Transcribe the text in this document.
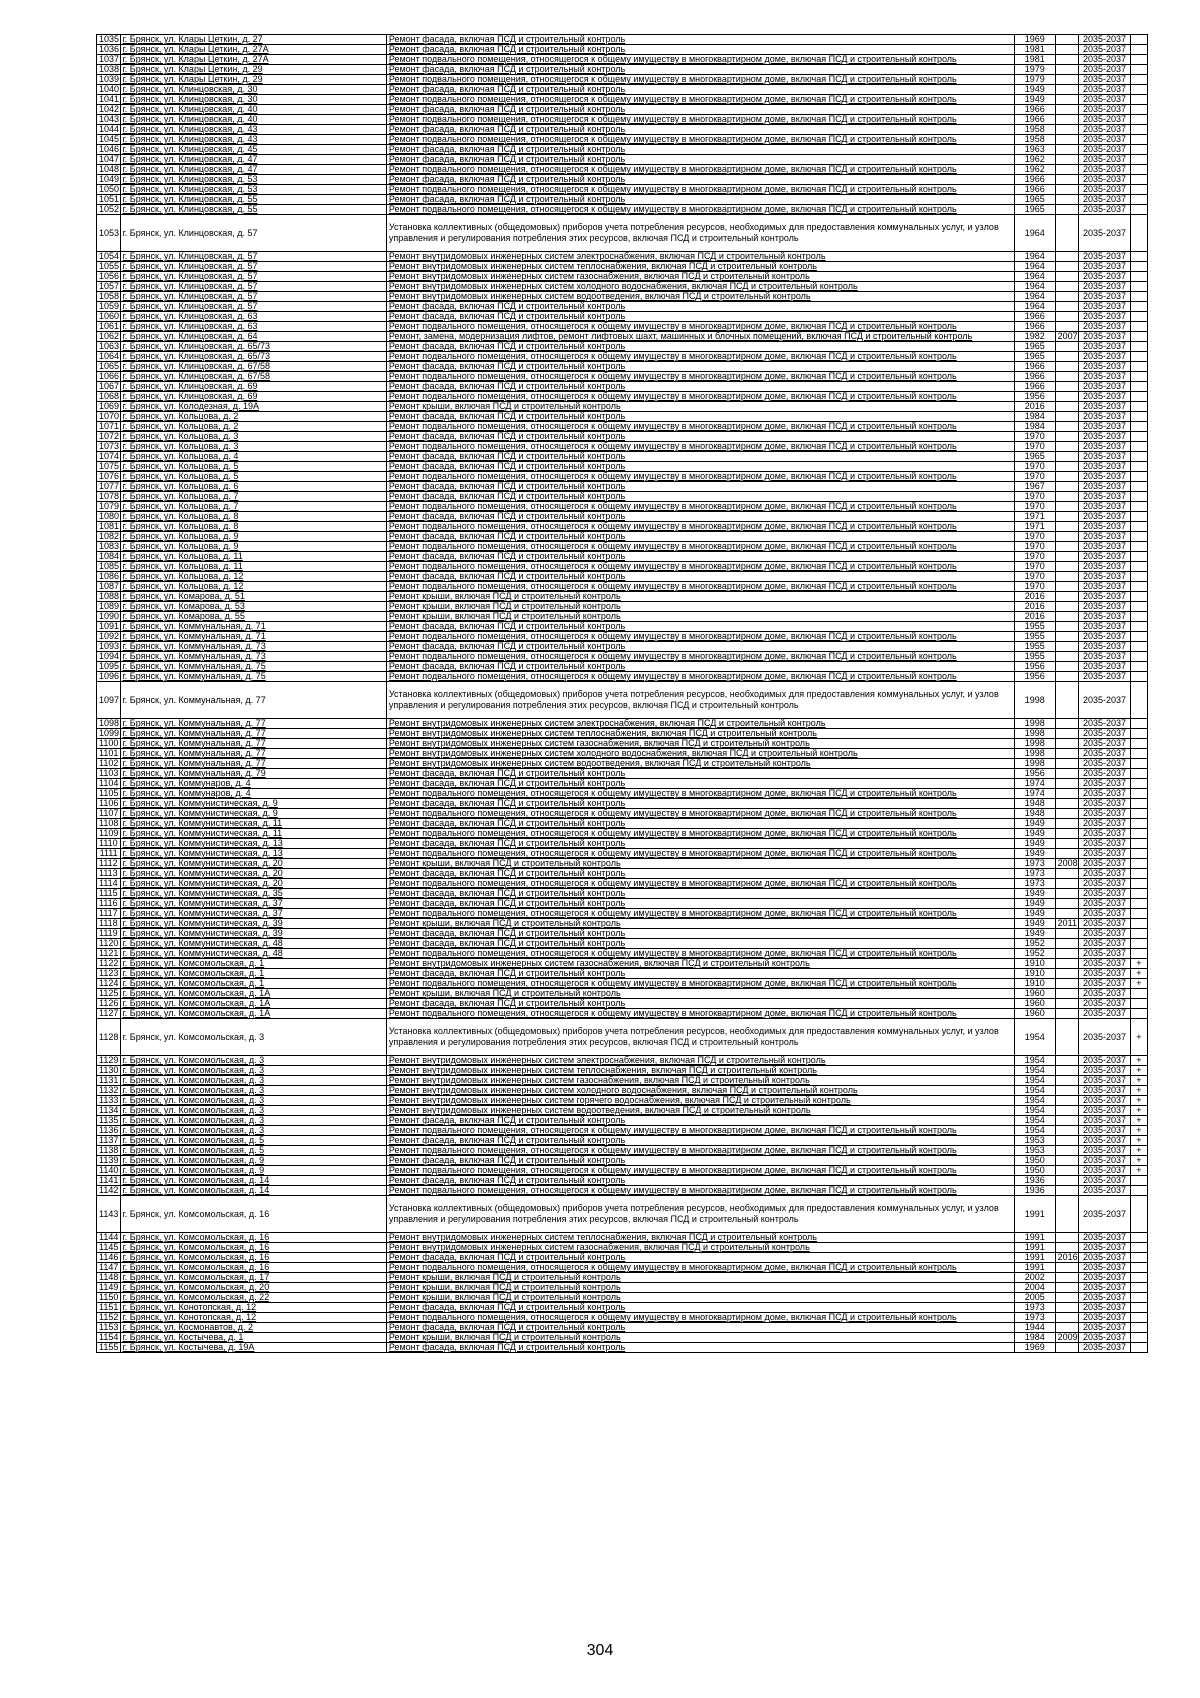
1035	г. Брянск, ул. Клары Цеткин, д. 27	Ремонт фасада, включая ПСД и строительный контроль	1969		2035-2037	
1036	г. Брянск, ул. Клары Цеткин, д. 27А	Ремонт фасада, включая ПСД и строительный контроль	1981		2035-2037	
1037	г. Брянск, ул. Клары Цеткин, д. 27А	Ремонт подвального помещения, относящегося к общему имуществу в многоквартирном доме, включая ПСД и строительный контроль	1981		2035-2037	
1038	г. Брянск, ул. Клары Цеткин, д. 29	Ремонт фасада, включая ПСД и строительный контроль	1979		2035-2037	
1039	г. Брянск, ул. Клары Цеткин, д. 29	Ремонт подвального помещения, относящегося к общему имуществу в многоквартирном доме, включая ПСД и строительный контроль	1979		2035-2037	
1040	г. Брянск, ул. Клинцовская, д. 30	Ремонт фасада, включая ПСД и строительный контроль	1949		2035-2037	
1041	г. Брянск, ул. Клинцовская, д. 30	Ремонт подвального помещения, относящегося к общему имуществу в многоквартирном доме, включая ПСД и строительный контроль	1949		2035-2037	
1042	г. Брянск, ул. Клинцовская, д. 40	Ремонт фасада, включая ПСД и строительный контроль	1966		2035-2037	
1043	г. Брянск, ул. Клинцовская, д. 40	Ремонт подвального помещения, относящегося к общему имуществу в многоквартирном доме, включая ПСД и строительный контроль	1966		2035-2037	
1044	г. Брянск, ул. Клинцовская, д. 43	Ремонт фасада, включая ПСД и строительный контроль	1958		2035-2037	
1045	г. Брянск, ул. Клинцовская, д. 43	Ремонт подвального помещения, относящегося к общему имуществу в многоквартирном доме, включая ПСД и строительный контроль	1958		2035-2037	
1046	г. Брянск, ул. Клинцовская, д. 45	Ремонт фасада, включая ПСД и строительный контроль	1963		2035-2037	
1047	г. Брянск, ул. Клинцовская, д. 47	Ремонт фасада, включая ПСД и строительный контроль	1962		2035-2037	
1048	г. Брянск, ул. Клинцовская, д. 47	Ремонт подвального помещения, относящегося к общему имуществу в многоквартирном доме, включая ПСД и строительный контроль	1962		2035-2037	
1049	г. Брянск, ул. Клинцовская, д. 53	Ремонт фасада, включая ПСД и строительный контроль	1966		2035-2037	
1050	г. Брянск, ул. Клинцовская, д. 53	Ремонт подвального помещения, относящегося к общему имуществу в многоквартирном доме, включая ПСД и строительный контроль	1966		2035-2037	
1051	г. Брянск, ул. Клинцовская, д. 55	Ремонт фасада, включая ПСД и строительный контроль	1965		2035-2037	
1052	г. Брянск, ул. Клинцовская, д. 55	Ремонт подвального помещения, относящегося к общему имуществу в многоквартирном доме, включая ПСД и строительный контроль	1965		2035-2037	
1053	г. Брянск, ул. Клинцовская, д. 57	Установка коллективных (общедомовых) приборов учета потребления ресурсов, необходимых для предоставления коммунальных услуг, и узлов управления и регулирования потребления этих ресурсов, включая ПСД и строительный контроль	1964		2035-2037	
1054	г. Брянск, ул. Клинцовская, д. 57	Ремонт внутридомовых инженерных систем электроснабжения, включая ПСД и строительный контроль	1964		2035-2037	
1055	г. Брянск, ул. Клинцовская, д. 57	Ремонт внутридомовых инженерных систем теплоснабжения, включая ПСД и строительный контроль	1964		2035-2037	
1056	г. Брянск, ул. Клинцовская, д. 57	Ремонт внутридомовых инженерных систем газоснабжения, включая ПСД и строительный контроль	1964		2035-2037	
1057	г. Брянск, ул. Клинцовская, д. 57	Ремонт внутридомовых инженерных систем холодного водоснабжения, включая ПСД и строительный контроль	1964		2035-2037	
1058	г. Брянск, ул. Клинцовская, д. 57	Ремонт внутридомовых инженерных систем водоотведения, включая ПСД и строительный контроль	1964		2035-2037	
1059	г. Брянск, ул. Клинцовская, д. 57	Ремонт фасада, включая ПСД и строительный контроль	1964		2035-2037	
1060	г. Брянск, ул. Клинцовская, д. 63	Ремонт фасада, включая ПСД и строительный контроль	1966		2035-2037	
1061	г. Брянск, ул. Клинцовская, д. 63	Ремонт подвального помещения, относящегося к общему имуществу в многоквартирном доме, включая ПСД и строительный контроль	1966		2035-2037	
1062	г. Брянск, ул. Клинцовская, д. 64	Ремонт, замена, модернизация лифтов, ремонт лифтовых шахт, машинных и блочных помещений, включая ПСД и строительный контроль	1982	2007	2035-2037	
1063	г. Брянск, ул. Клинцовская, д. 65/73	Ремонт фасада, включая ПСД и строительный контроль	1965		2035-2037	
1064	г. Брянск, ул. Клинцовская, д. 65/73	Ремонт подвального помещения, относящегося к общему имуществу в многоквартирном доме, включая ПСД и строительный контроль	1965		2035-2037	
1065	г. Брянск, ул. Клинцовская, д. 67/58	Ремонт фасада, включая ПСД и строительный контроль	1966		2035-2037	
1066	г. Брянск, ул. Клинцовская, д. 67/58	Ремонт подвального помещения, относящегося к общему имуществу в многоквартирном доме, включая ПСД и строительный контроль	1966		2035-2037	
1067	г. Брянск, ул. Клинцовская, д. 69	Ремонт фасада, включая ПСД и строительный контроль	1966		2035-2037	
1068	г. Брянск, ул. Клинцовская, д. 69	Ремонт подвального помещения, относящегося к общему имуществу в многоквартирном доме, включая ПСД и строительный контроль	1956		2035-2037	
1069	г. Брянск, ул. Колодезная, д. 19А	Ремонт крыши, включая ПСД и строительный контроль	2016		2035-2037	
1070	г. Брянск, ул. Кольцова, д. 2	Ремонт фасада, включая ПСД и строительный контроль	1984		2035-2037	
1071	г. Брянск, ул. Кольцова, д. 2	Ремонт подвального помещения, относящегося к общему имуществу в многоквартирном доме, включая ПСД и строительный контроль	1984		2035-2037	
1072	г. Брянск, ул. Кольцова, д. 3	Ремонт фасада, включая ПСД и строительный контроль	1970		2035-2037	
1073	г. Брянск, ул. Кольцова, д. 3	Ремонт подвального помещения, относящегося к общему имуществу в многоквартирном доме, включая ПСД и строительный контроль	1970		2035-2037	
1074	г. Брянск, ул. Кольцова, д. 4	Ремонт фасада, включая ПСД и строительный контроль	1965		2035-2037	
1075	г. Брянск, ул. Кольцова, д. 5	Ремонт фасада, включая ПСД и строительный контроль	1970		2035-2037	
1076	г. Брянск, ул. Кольцова, д. 5	Ремонт подвального помещения, относящегося к общему имуществу в многоквартирном доме, включая ПСД и строительный контроль	1970		2035-2037	
1077	г. Брянск, ул. Кольцова, д. 6	Ремонт фасада, включая ПСД и строительный контроль	1967		2035-2037	
1078	г. Брянск, ул. Кольцова, д. 7	Ремонт фасада, включая ПСД и строительный контроль	1970		2035-2037	
1079	г. Брянск, ул. Кольцова, д. 7	Ремонт подвального помещения, относящегося к общему имуществу в многоквартирном доме, включая ПСД и строительный контроль	1970		2035-2037	
1080	г. Брянск, ул. Кольцова, д. 8	Ремонт фасада, включая ПСД и строительный контроль	1971		2035-2037	
1081	г. Брянск, ул. Кольцова, д. 8	Ремонт подвального помещения, относящегося к общему имуществу в многоквартирном доме, включая ПСД и строительный контроль	1971		2035-2037	
1082	г. Брянск, ул. Кольцова, д. 9	Ремонт фасада, включая ПСД и строительный контроль	1970		2035-2037	
1083	г. Брянск, ул. Кольцова, д. 9	Ремонт подвального помещения, относящегося к общему имуществу в многоквартирном доме, включая ПСД и строительный контроль	1970		2035-2037	
1084	г. Брянск, ул. Кольцова, д. 11	Ремонт фасада, включая ПСД и строительный контроль	1970		2035-2037	
1085	г. Брянск, ул. Кольцова, д. 11	Ремонт подвального помещения, относящегося к общему имуществу в многоквартирном доме, включая ПСД и строительный контроль	1970		2035-2037	
1086	г. Брянск, ул. Кольцова, д. 12	Ремонт фасада, включая ПСД и строительный контроль	1970		2035-2037	
1087	г. Брянск, ул. Кольцова, д. 12	Ремонт подвального помещения, относящегося к общему имуществу в многоквартирном доме, включая ПСД и строительный контроль	1970		2035-2037	
1088	г. Брянск, ул. Комарова, д. 51	Ремонт крыши, включая ПСД и строительный контроль	2016		2035-2037	
1089	г. Брянск, ул. Комарова, д. 53	Ремонт крыши, включая ПСД и строительный контроль	2016		2035-2037	
1090	г. Брянск, ул. Комарова, д. 55	Ремонт крыши, включая ПСД и строительный контроль	2016		2035-2037	
1091	г. Брянск, ул. Коммунальная, д. 71	Ремонт фасада, включая ПСД и строительный контроль	1955		2035-2037	
1092	г. Брянск, ул. Коммунальная, д. 71	Ремонт подвального помещения, относящегося к общему имуществу в многоквартирном доме, включая ПСД и строительный контроль	1955		2035-2037	
1093	г. Брянск, ул. Коммунальная, д. 73	Ремонт фасада, включая ПСД и строительный контроль	1955		2035-2037	
1094	г. Брянск, ул. Коммунальная, д. 73	Ремонт подвального помещения, относящегося к общему имуществу в многоквартирном доме, включая ПСД и строительный контроль	1955		2035-2037	
1095	г. Брянск, ул. Коммунальная, д. 75	Ремонт фасада, включая ПСД и строительный контроль	1956		2035-2037	
1096	г. Брянск, ул. Коммунальная, д. 75	Ремонт подвального помещения, относящегося к общему имуществу в многоквартирном доме, включая ПСД и строительный контроль	1956		2035-2037	
1097	г. Брянск, ул. Коммунальная, д. 77	Установка коллективных (общедомовых) приборов учета потребления ресурсов, необходимых для предоставления коммунальных услуг, и узлов управления и регулирования потребления этих ресурсов, включая ПСД и строительный контроль	1998		2035-2037	
1098	г. Брянск, ул. Коммунальная, д. 77	Ремонт внутридомовых инженерных систем электроснабжения, включая ПСД и строительный контроль	1998		2035-2037	
1099	г. Брянск, ул. Коммунальная, д. 77	Ремонт внутридомовых инженерных систем теплоснабжения, включая ПСД и строительный контроль	1998		2035-2037	
1100	г. Брянск, ул. Коммунальная, д. 77	Ремонт внутридомовых инженерных систем газоснабжения, включая ПСД и строительный контроль	1998		2035-2037	
1101	г. Брянск, ул. Коммунальная, д. 77	Ремонт внутридомовых инженерных систем холодного водоснабжения, включая ПСД и строительный контроль	1998		2035-2037	
1102	г. Брянск, ул. Коммунальная, д. 77	Ремонт внутридомовых инженерных систем водоотведения, включая ПСД и строительный контроль	1998		2035-2037	
1103	г. Брянск, ул. Коммунальная, д. 79	Ремонт фасада, включая ПСД и строительный контроль	1956		2035-2037	
1104	г. Брянск, ул. Коммунаров, д. 4	Ремонт фасада, включая ПСД и строительный контроль	1974		2035-2037	
1105	г. Брянск, ул. Коммунаров, д. 4	Ремонт подвального помещения, относящегося к общему имуществу в многоквартирном доме, включая ПСД и строительный контроль	1974		2035-2037	
1106	г. Брянск, ул. Коммунистическая, д. 9	Ремонт фасада, включая ПСД и строительный контроль	1948		2035-2037	
1107	г. Брянск, ул. Коммунистическая, д. 9	Ремонт подвального помещения, относящегося к общему имуществу в многоквартирном доме, включая ПСД и строительный контроль	1948		2035-2037	
1108	г. Брянск, ул. Коммунистическая, д. 11	Ремонт фасада, включая ПСД и строительный контроль	1949		2035-2037	
1109	г. Брянск, ул. Коммунистическая, д. 11	Ремонт подвального помещения, относящегося к общему имуществу в многоквартирном доме, включая ПСД и строительный контроль	1949		2035-2037	
1110	г. Брянск, ул. Коммунистическая, д. 13	Ремонт фасада, включая ПСД и строительный контроль	1949		2035-2037	
1111	г. Брянск, ул. Коммунистическая, д. 13	Ремонт подвального помещения, относящегося к общему имуществу в многоквартирном доме, включая ПСД и строительный контроль	1949		2035-2037	
1112	г. Брянск, ул. Коммунистическая, д. 20	Ремонт крыши, включая ПСД и строительный контроль	1973	2008	2035-2037	
1113	г. Брянск, ул. Коммунистическая, д. 20	Ремонт фасада, включая ПСД и строительный контроль	1973		2035-2037	
1114	г. Брянск, ул. Коммунистическая, д. 20	Ремонт подвального помещения, относящегося к общему имуществу в многоквартирном доме, включая ПСД и строительный контроль	1973		2035-2037	
1115	г. Брянск, ул. Коммунистическая, д. 35	Ремонт фасада, включая ПСД и строительный контроль	1949		2035-2037	
1116	г. Брянск, ул. Коммунистическая, д. 37	Ремонт фасада, включая ПСД и строительный контроль	1949		2035-2037	
1117	г. Брянск, ул. Коммунистическая, д. 37	Ремонт подвального помещения, относящегося к общему имуществу в многоквартирном доме, включая ПСД и строительный контроль	1949		2035-2037	
1118	г. Брянск, ул. Коммунистическая, д. 39	Ремонт крыши, включая ПСД и строительный контроль	1949	2011	2035-2037	
1119	г. Брянск, ул. Коммунистическая, д. 39	Ремонт фасада, включая ПСД и строительный контроль	1949		2035-2037	
1120	г. Брянск, ул. Коммунистическая, д. 48	Ремонт фасада, включая ПСД и строительный контроль	1952		2035-2037	
1121	г. Брянск, ул. Коммунистическая, д. 48	Ремонт подвального помещения, относящегося к общему имуществу в многоквартирном доме, включая ПСД и строительный контроль	1952		2035-2037	
1122	г. Брянск, ул. Комсомольская, д. 1	Ремонт внутридомовых инженерных систем газоснабжения, включая ПСД и строительный контроль	1910		2035-2037	+
1123	г. Брянск, ул. Комсомольская, д. 1	Ремонт фасада, включая ПСД и строительный контроль	1910		2035-2037	+
1124	г. Брянск, ул. Комсомольская, д. 1	Ремонт подвального помещения, относящегося к общему имуществу в многоквартирном доме, включая ПСД и строительный контроль	1910		2035-2037	+
1125	г. Брянск, ул. Комсомольская, д. 1А	Ремонт крыши, включая ПСД и строительный контроль	1960		2035-2037	
1126	г. Брянск, ул. Комсомольская, д. 1А	Ремонт фасада, включая ПСД и строительный контроль	1960		2035-2037	
1127	г. Брянск, ул. Комсомольская, д. 1А	Ремонт подвального помещения, относящегося к общему имуществу в многоквартирном доме, включая ПСД и строительный контроль	1960		2035-2037	
1128	г. Брянск, ул. Комсомольская, д. 3	Установка коллективных (общедомовых) приборов учета потребления ресурсов, необходимых для предоставления коммунальных услуг, и узлов управления и регулирования потребления этих ресурсов, включая ПСД и строительный контроль	1954		2035-2037	+
1129	г. Брянск, ул. Комсомольская, д. 3	Ремонт внутридомовых инженерных систем электроснабжения, включая ПСД и строительный контроль	1954		2035-2037	+
1130	г. Брянск, ул. Комсомольская, д. 3	Ремонт внутридомовых инженерных систем теплоснабжения, включая ПСД и строительный контроль	1954		2035-2037	+
1131	г. Брянск, ул. Комсомольская, д. 3	Ремонт внутридомовых инженерных систем газоснабжения, включая ПСД и строительный контроль	1954		2035-2037	+
1132	г. Брянск, ул. Комсомольская, д. 3	Ремонт внутридомовых инженерных систем холодного водоснабжения, включая ПСД и строительный контроль	1954		2035-2037	+
1133	г. Брянск, ул. Комсомольская, д. 3	Ремонт внутридомовых инженерных систем горячего водоснабжения, включая ПСД и строительный контроль	1954		2035-2037	+
1134	г. Брянск, ул. Комсомольская, д. 3	Ремонт внутридомовых инженерных систем водоотведения, включая ПСД и строительный контроль	1954		2035-2037	+
1135	г. Брянск, ул. Комсомольская, д. 3	Ремонт фасада, включая ПСД и строительный контроль	1954		2035-2037	+
1136	г. Брянск, ул. Комсомольская, д. 3	Ремонт подвального помещения, относящегося к общему имуществу в многоквартирном доме, включая ПСД и строительный контроль	1954		2035-2037	+
1137	г. Брянск, ул. Комсомольская, д. 5	Ремонт фасада, включая ПСД и строительный контроль	1953		2035-2037	+
1138	г. Брянск, ул. Комсомольская, д. 5	Ремонт подвального помещения, относящегося к общему имуществу в многоквартирном доме, включая ПСД и строительный контроль	1953		2035-2037	+
1139	г. Брянск, ул. Комсомольская, д. 9	Ремонт фасада, включая ПСД и строительный контроль	1950		2035-2037	+
1140	г. Брянск, ул. Комсомольская, д. 9	Ремонт подвального помещения, относящегося к общему имуществу в многоквартирном доме, включая ПСД и строительный контроль	1950		2035-2037	+
1141	г. Брянск, ул. Комсомольская, д. 14	Ремонт фасада, включая ПСД и строительный контроль	1936		2035-2037	
1142	г. Брянск, ул. Комсомольская, д. 14	Ремонт подвального помещения, относящегося к общему имуществу в многоквартирном доме, включая ПСД и строительный контроль	1936		2035-2037	
1143	г. Брянск, ул. Комсомольская, д. 16	Установка коллективных (общедомовых) приборов учета потребления ресурсов, необходимых для предоставления коммунальных услуг, и узлов управления и регулирования потребления этих ресурсов, включая ПСД и строительный контроль	1991		2035-2037	
1144	г. Брянск, ул. Комсомольская, д. 16	Ремонт внутридомовых инженерных систем теплоснабжения, включая ПСД и строительный контроль	1991		2035-2037	
1145	г. Брянск, ул. Комсомольская, д. 16	Ремонт внутридомовых инженерных систем газоснабжения, включая ПСД и строительный контроль	1991		2035-2037	
1146	г. Брянск, ул. Комсомольская, д. 16	Ремонт фасада, включая ПСД и строительный контроль	1991	2016	2035-2037	
1147	г. Брянск, ул. Комсомольская, д. 16	Ремонт подвального помещения, относящегося к общему имуществу в многоквартирном доме, включая ПСД и строительный контроль	1991		2035-2037	
1148	г. Брянск, ул. Комсомольская, д. 17	Ремонт крыши, включая ПСД и строительный контроль	2002		2035-2037	
1149	г. Брянск, ул. Комсомольская, д. 20	Ремонт крыши, включая ПСД и строительный контроль	2004		2035-2037	
1150	г. Брянск, ул. Комсомольская, д. 22	Ремонт крыши, включая ПСД и строительный контроль	2005		2035-2037	
1151	г. Брянск, ул. Конотопская, д. 12	Ремонт фасада, включая ПСД и строительный контроль	1973		2035-2037	
1152	г. Брянск, ул. Конотопская, д. 12	Ремонт подвального помещения, относящегося к общему имуществу в многоквартирном доме, включая ПСД и строительный контроль	1973		2035-2037	
1153	г. Брянск, ул. Космонавтов, д. 2	Ремонт фасада, включая ПСД и строительный контроль	1944		2035-2037	
1154	г. Брянск, ул. Костычева, д. 1	Ремонт крыши, включая ПСД и строительный контроль	1984	2009	2035-2037	
1155	г. Брянск, ул. Костычева, д. 19А	Ремонт фасада, включая ПСД и строительный контроль	1969		2035-2037	
304
